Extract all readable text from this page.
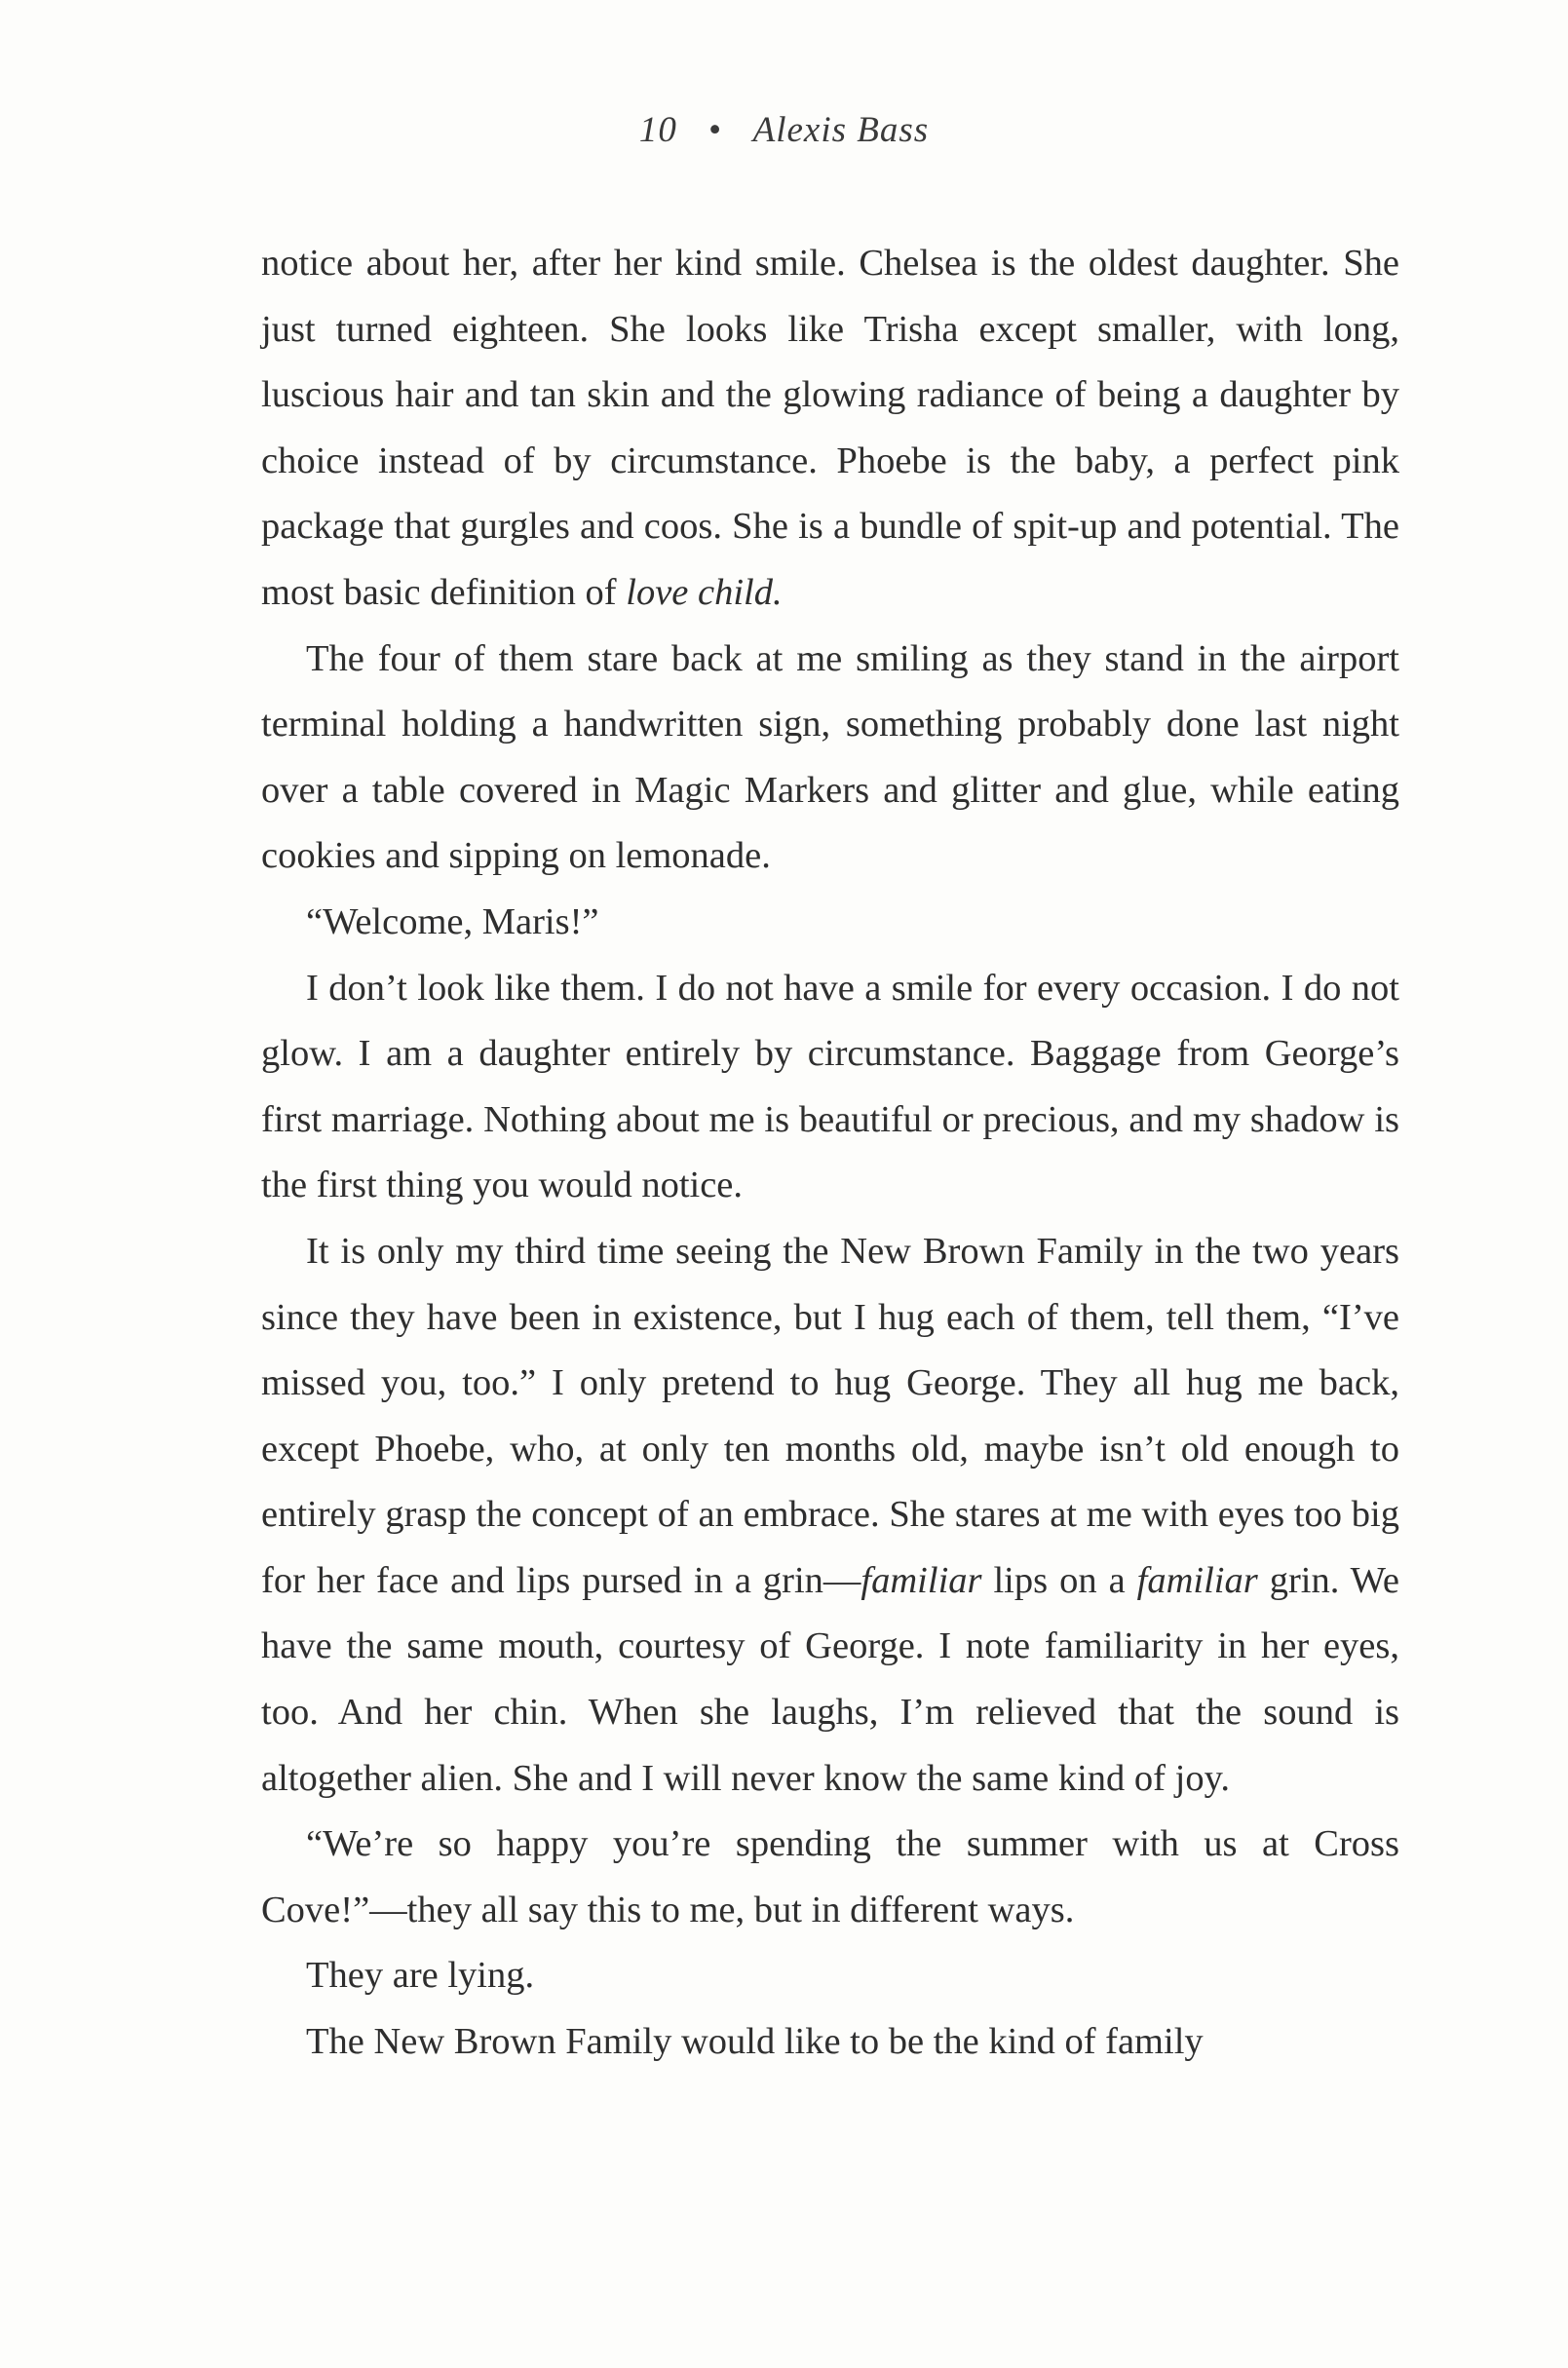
10 • Alexis Bass

notice about her, after her kind smile. Chelsea is the oldest daughter. She just turned eighteen. She looks like Trisha except smaller, with long, luscious hair and tan skin and the glowing radiance of being a daughter by choice instead of by circumstance. Phoebe is the baby, a perfect pink package that gurgles and coos. She is a bundle of spit-up and potential. The most basic definition of love child.

The four of them stare back at me smiling as they stand in the airport terminal holding a handwritten sign, something probably done last night over a table covered in Magic Markers and glitter and glue, while eating cookies and sipping on lemonade.

“Welcome, Maris!”

I don’t look like them. I do not have a smile for every occasion. I do not glow. I am a daughter entirely by circumstance. Baggage from George’s first marriage. Nothing about me is beautiful or precious, and my shadow is the first thing you would notice.

It is only my third time seeing the New Brown Family in the two years since they have been in existence, but I hug each of them, tell them, “I’ve missed you, too.” I only pretend to hug George. They all hug me back, except Phoebe, who, at only ten months old, maybe isn’t old enough to entirely grasp the concept of an embrace. She stares at me with eyes too big for her face and lips pursed in a grin—familiar lips on a familiar grin. We have the same mouth, courtesy of George. I note familiarity in her eyes, too. And her chin. When she laughs, I’m relieved that the sound is altogether alien. She and I will never know the same kind of joy.

“We’re so happy you’re spending the summer with us at Cross Cove!”—they all say this to me, but in different ways.

They are lying.

The New Brown Family would like to be the kind of family
